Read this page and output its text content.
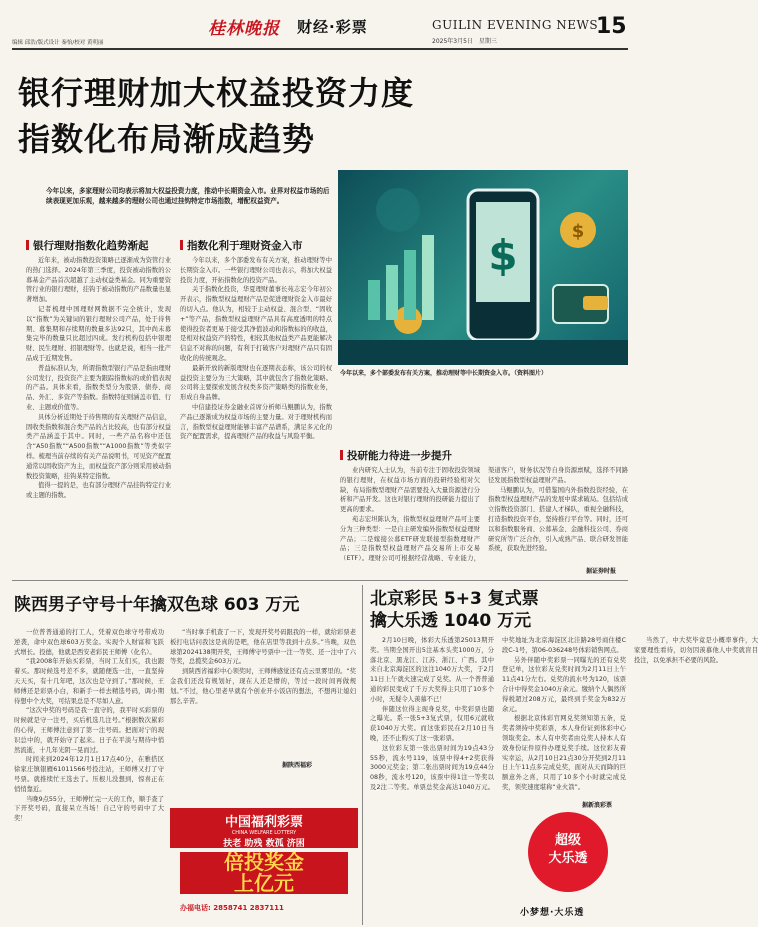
编辑 邱浩/版式设计 秦怡/校对 黄明丽
桂林晚报 财经·彩票	GUILIN EVENING NEWS
2025年3月5日　星期三
15
银行理财加大权益投资力度
指数化布局渐成趋势
今年以来，多家理财公司均表示将加大权益投资力度，推动中长期资金入市。业界对权益市场的后续表现更加乐观，越来越多的理财公司也通过挂钩特定市场指数，增配权益资产。
$	$
今年以来，多个部委发布有关方案，推动理财等中长期资金入市。（资料图片）
银行理财指数化趋势渐起

近年来，被动指数投资策略已逐渐成为资管行业的热门选择。2024年第三季度，投资被动指数的公募基金产品首次超越了主动权益类基金。同为重要资管行业的银行理财，挂钩于被动指数的产品数量也显著增加。

记者梳理中国理财网数据不完全统计，发现以“指数”为关键词的银行理财公司产品，处于待售期、募集期和存续期的数量多达92只，其中尚未募集完毕的数量只比超过四成。发行机构包括中银理财、民生理财、招银理财等。也就是说，相当一批产品成于近期发售。

普益标准认为，所谓指数型银行产品是指由理财公司发行，投资资产主要为跟踪指数标的或价值表现的产品。具体来看，指数类型分为股票、债券、商品、外汇、多资产等指数。指数特征则涵盖市值、行业、主题或价值等。

具体分析近期处于待售期的有关理财产品信息，固收类指数和混合类产品的占比较高，也有部分权益类产品涵盖于其中。同时，一些产品名称中还包含“A50指数”“A500指数”“A1000指数”等类似字样。梳理当前存续的有关产品说明书，可见资产配置通常以固收资产为主，而权益资产部分则采用被动指数投资策略，挂钩某特定指数。

值得一提的是，也有部分理财产品挂钩特定行业或主题的指数。

指数化利于理财资金入市

今年以来，多个部委发布有关方案，推动理财等中长期资金入市。一些银行理财公司也表示，将加大权益投资力度，开拓指数化的投资产品。

关于指数化投资，华夏理财董事长苑志宏今年初公开表示，指数型权益理财产品是促进理财资金入市最好的切入点。他认为，相较于主动权益、混合型、“固收+”等产品，指数型权益理财产品具有高度透明的特点使得投资者更易于接受其净值波动和指数标的的收益，是相对权益资产的特性，相较其他权益类产品更能解决信息不对称的问题，有利于打破客户对理财产品只有固收化的传统观念。

最新开放的新版理财也在逐期表态称，该公司的权益投资主要分为三大策略，其中就包含了指数化策略。公司将主要探索发展含权类多资产策略类的指数业务，形成自身品牌。

中信建投证券金融业首席分析师马鲲鹏认为，指数产品已逐渐成为权益市场的主要力量。对于理财机构而言，指数型权益理财能够丰富产品谱系，满足多元化的资产配置需求，提高理财产品的收益与风险平衡。

投研能力待进一步提升

业内研究人士认为，当前专注于固收投资领域的银行理财，在权益市场方面的投研经验相对欠缺，布局指数型理财产品需要投入大量资源进行分析和产品开发。这也对银行理财的投研能力提出了更高的要求。

苑志宏坦陈认为，指数型权益理财产品可主要分为三种类型：一是自主研发编外指数型权益理财产品；二是嫁接公募ETF研发联接型指数理财产品；三是指数型权益理财产品交易所上市交易（ETF）。理财公司可根据经营战略、专业能力，渠道客户，财务状况等自身资源禀赋，选择不同路径发展指数型权益理财产品。

马鲲鹏认为，可借鉴国内外指数投资经验，在指数型权益理财产品的发展中谋求破局。包括结成立指数投资部门、搭建人才梯队，重视全融科技，打造指数投资平台，坚持推行平台等。同时，还可以和指数服务商、公募基金、金融科技公司、券商研究所等广泛合作，引入成熟产品、联合研发智能系统，获取先进经验。

据证券时报
陕西男子守号十年擒双色球 603 万元

一位普普通通的打工人，凭着双色球守号带成功逆袭，命中双色球603万奖金。实现个人财富和飞跃式增长。投德，他就是西安老彩民王师傅（化名）。

“我2008年开始买彩票，当时工友们买，我也跟着买。那时候选号差不多，就随便选一注，一直坚持天天买，有十几年吧，这次也是守到了。”那时候，王师傅还是彩票小白，和新手一样去精选号码，调小期待想中个大奖，可结果总是不尽如人意。

“这次中奖的号码是我一直守的，我平时买彩票的时候就是守一注号，买后机选几注号。”根据数次累彩的心得，王师傅注意到了第一注号码。把面对宁的现识总中的，就开始守了起来。日子在平淡与期待中悄然流逝，十几年光阴一晃而过。

时间来到2024年12月1日17点40分，在雅搭区徐家庄镇银雁61011566号投注站，王师傅又打了守号票。就推续忙王选去了。压根儿没想到，惊喜正在悄悄靠近。

当晚9点55分，王师傅忙完一天的工作，顺手查了下开奖号码，直接呆立当场！自己守的号码中了大奖！

“当时拿手机查了一下，发现开奖号码跟我的一样，就给彩票老板打电话问我这是真的是吧，他在店里等我到十点多。”当晚，双色球第2024138期开奖，王师傅守号票中一注一等奖、还一注中了六等奖，总揽奖金603万元。

到陕西省福彩中心领奖时，王师傅感觉还有点云里雾里的。“奖金我们还没有规划好，现在人还是懵的，等过一段时间再做规划。”不过，他心里老早就有个创业开小饭店的想法，不想再让媳妇那么辛苦。

据陕西福彩
中国福利彩票
CHINA WELFARE LOTTERY
扶老 助残 救孤 济困
倍投奖金
上亿元
办福电话: 2858741 2837111
北京彩民 5+3 复式票
擒大乐透 1040 万元

2月10日晚，体彩大乐透第25013期开奖。当期全国开出5注基本头奖1000万，分落北京、黑龙江、江苏、浙江、广西。其中来自北京海淀区的这注1040万大奖，于2月11日上午就火速完成了兑奖。从一个普普通通的彩民变成了千万大奖得主只用了10多个小时，无疑令人羡慕不已！

伴随这位得主现身兑奖，中奖彩票也随之曝光。系一张5+3复式票，仅用6元就收获1040万大奖。而这张彩民在2月10日当晚，还不止购买了这一张彩票。

这位彩友第一张出票时间为19点43分55秒，流水号119，该票中得4+2奖获得3000元奖金；第二张出票时间为19点44分08秒，流水号120，该票中得1注一等奖以及2注二等奖。单票总奖金高达1040万元。中奖地址为北京海淀区北洼路28号商住楼C段C-1号，第06-036248号体彩销售网点。

另外伴随中奖彩票一同曝光的还有兑奖登记单，这位彩友兑奖时间为2月11日上午11点41分左右。兑奖的流水号为120，该票合计中得奖金1040万余元。缴纳个人偶然所得税超过208万元，最终到手奖金为832万余元。

根据北京体彩官网兑奖须知第五条，兑奖者须持中奖彩票，本人身份证到体彩中心领取奖金。本人有中奖者由兑奖人持本人有效身份证件原件办理兑奖手续。这位彩友着实幸运，从2月10日21点30分开奖到2月11日上午11点多完成兑奖，面对从天而降的巨额意外之喜，只用了10多个小时就完成兑奖，领奖速度堪称“业火箭”。

当然了，中大奖毕竟是小概率事件，大家要理性看待，切勿因羡慕他人中奖就盲目投注，以免承担不必要的风险。

据新浪彩票
超级
大乐透
小梦想·大乐透
